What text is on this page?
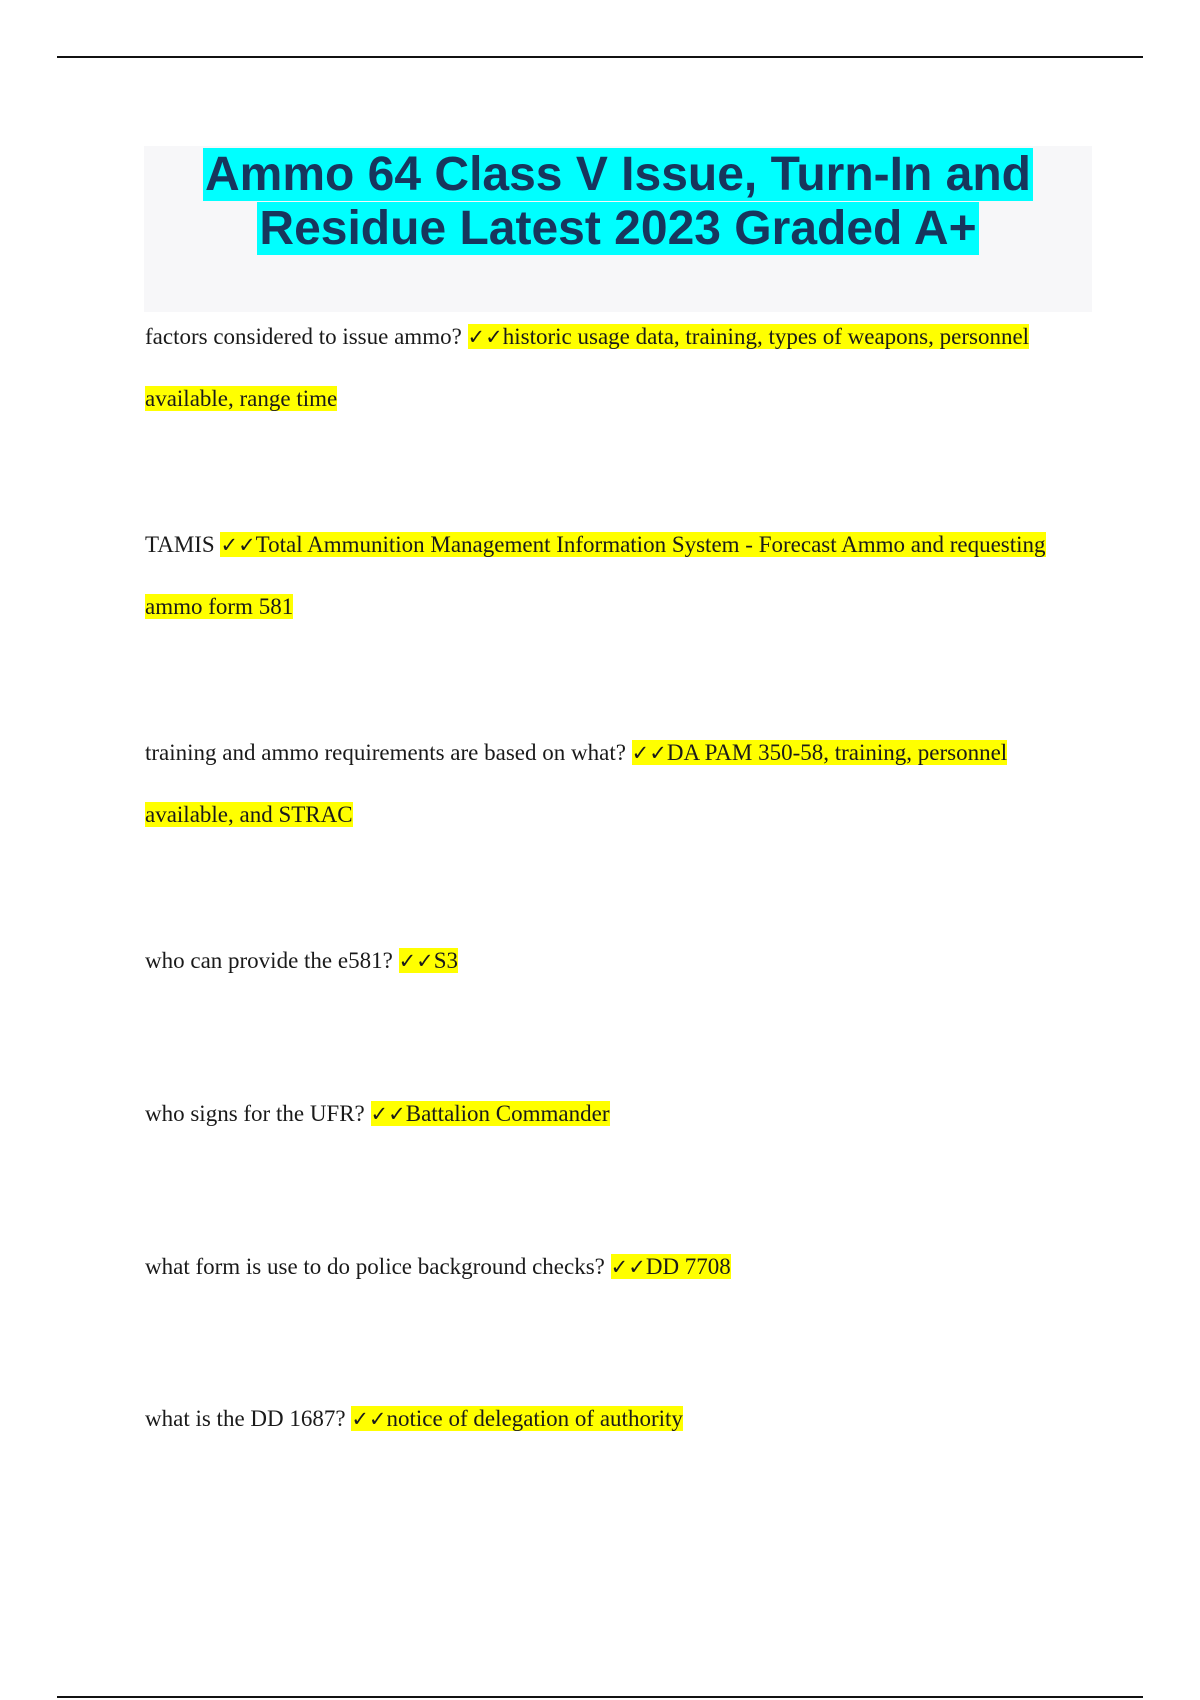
Ammo 64 Class V Issue, Turn-In and
Residue Latest 2023 Graded A+

factors considered to issue ammo? ✓✓historic usage data, training, types of weapons, personnel available, range time

TAMIS ✓✓Total Ammunition Management Information System - Forecast Ammo and requesting ammo form 581

training and ammo requirements are based on what? ✓✓DA PAM 350-58, training, personnel available, and STRAC

who can provide the e581? ✓✓S3

who signs for the UFR? ✓✓Battalion Commander

what form is use to do police background checks? ✓✓DD 7708

what is the DD 1687? ✓✓notice of delegation of authority
